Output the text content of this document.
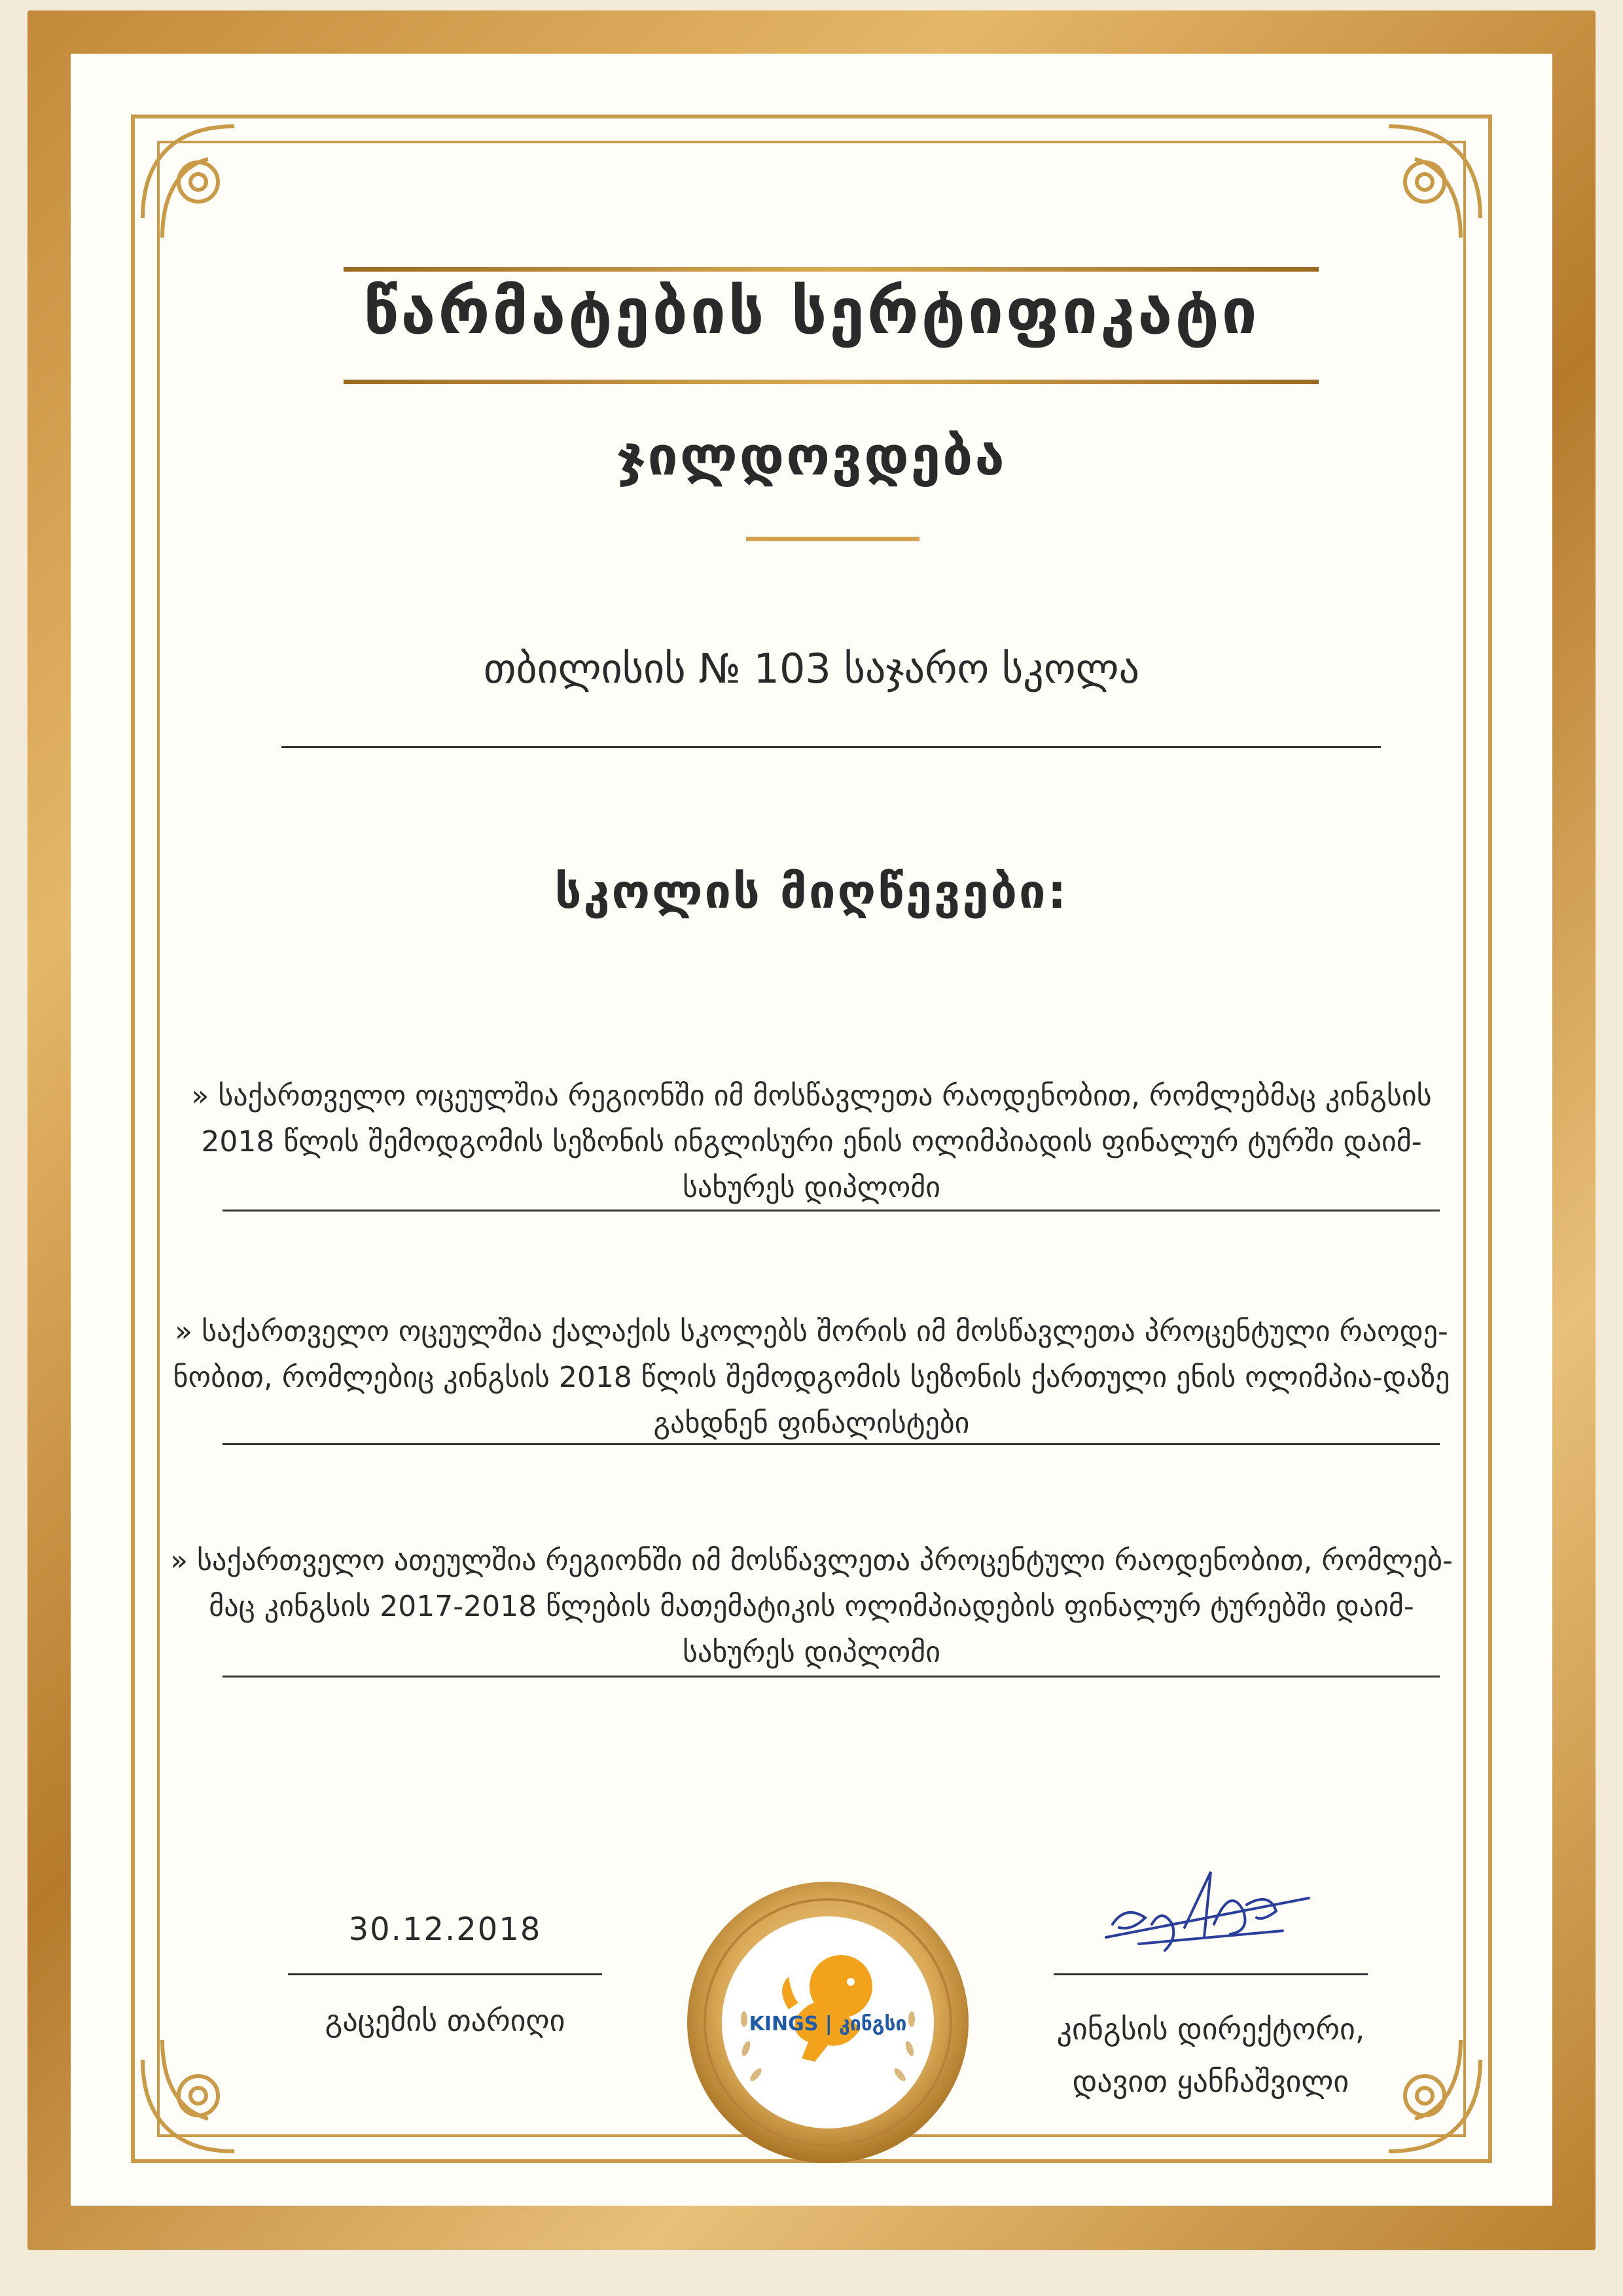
წარმატების სერტიფიკატი
ჯილდოვდება
თბილისის № 103 საჯარო სკოლა
სკოლის მიღწევები:
» საქართველო ოცეულშია რეგიონში იმ მოსწავლეთა რაოდენობით, რომლებმაც კინგსის 2018 წლის შემოდგომის სეზონის ინგლისური ენის ოლიმპიადის ფინალურ ტურში დაიმ-სახურეს დიპლომი
» საქართველო ოცეულშია ქალაქის სკოლებს შორის იმ მოსწავლეთა პროცენტული რაოდე-ნობით, რომლებიც კინგსის 2018 წლის შემოდგომის სეზონის ქართული ენის ოლიმპია-დაზე გახდნენ ფინალისტები
» საქართველო ათეულშია რეგიონში იმ მოსწავლეთა პროცენტული რაოდენობით, რომლებ-მაც კინგსის 2017-2018 წლების მათემატიკის ოლიმპიადების ფინალურ ტურებში დაიმ-სახურეს დიპლომი
30.12.2018
გაცემის თარიღი	KINGS | კინგსი	კინგსის დირექტორი,
დავით ყანჩაშვილი
